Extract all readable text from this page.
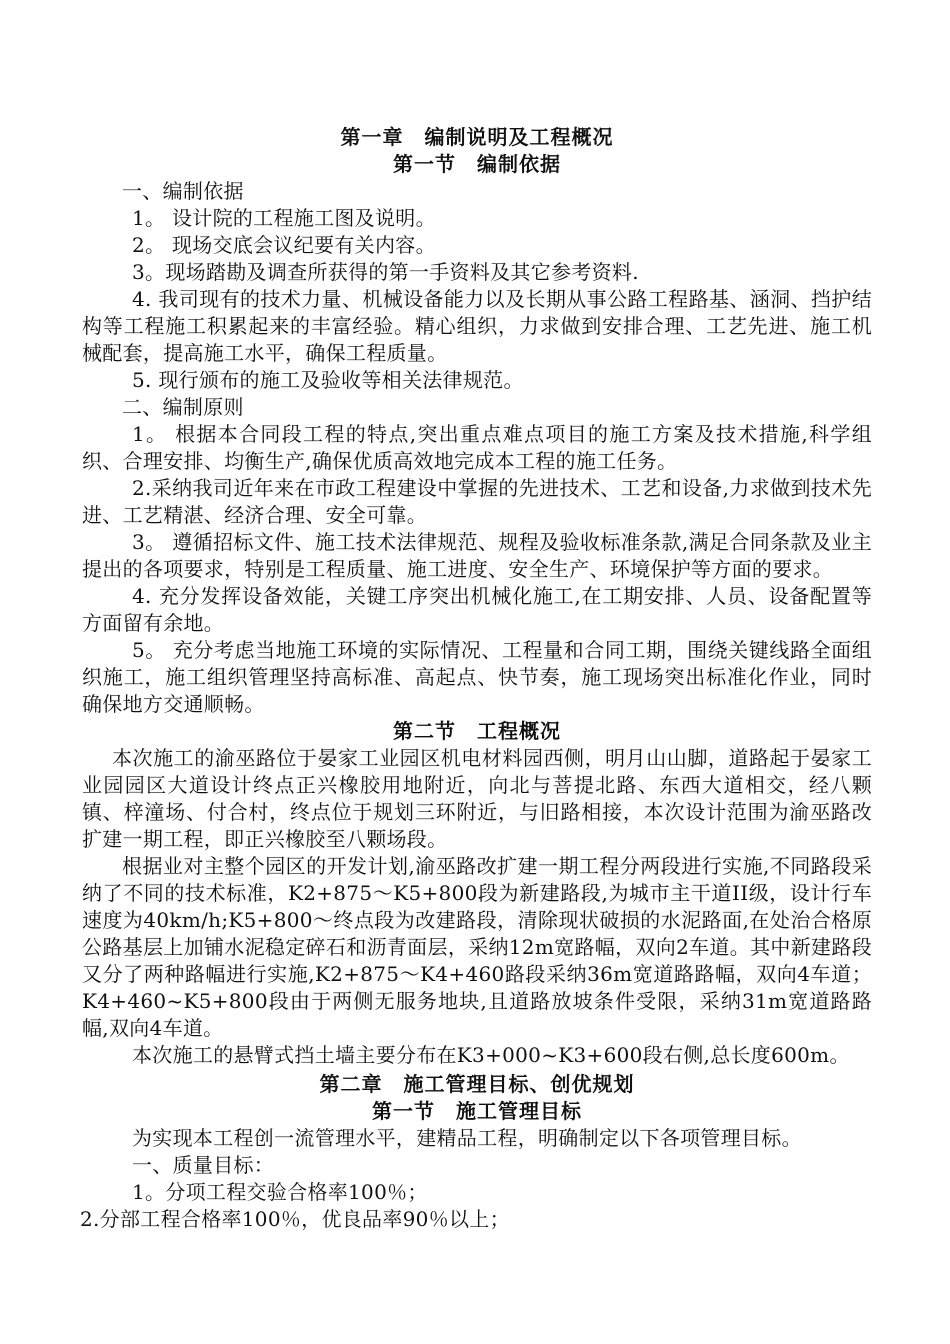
第一章　编制说明及工程概况
第一节　编制依据

一、编制依据

1。 设计院的工程施工图及说明。

2。 现场交底会议纪要有关内容。

3。现场踏勘及调查所获得的第一手资料及其它参考资料.

4. 我司现有的技术力量、机械设备能力以及长期从事公路工程路基、涵洞、挡护结构等工程施工积累起来的丰富经验。精心组织，力求做到安排合理、工艺先进、施工机械配套，提高施工水平，确保工程质量。

5. 现行颁布的施工及验收等相关法律规范。

二、编制原则

1。 根据本合同段工程的特点,突出重点难点项目的施工方案及技术措施,科学组织、合理安排、均衡生产,确保优质高效地完成本工程的施工任务。

2.采纳我司近年来在市政工程建设中掌握的先进技术、工艺和设备,力求做到技术先进、工艺精湛、经济合理、安全可靠。

3。 遵循招标文件、施工技术法律规范、规程及验收标准条款,满足合同条款及业主提出的各项要求，特别是工程质量、施工进度、安全生产、环境保护等方面的要求。

4. 充分发挥设备效能，关键工序突出机械化施工,在工期安排、人员、设备配置等方面留有余地。

5。 充分考虑当地施工环境的实际情况、工程量和合同工期，围绕关键线路全面组织施工，施工组织管理坚持高标准、高起点、快节奏，施工现场突出标准化作业，同时确保地方交通顺畅。

第二节　工程概况

本次施工的渝巫路位于晏家工业园区机电材料园西侧，明月山山脚，道路起于晏家工业园园区大道设计终点正兴橡胶用地附近，向北与菩提北路、东西大道相交，经八颗镇、梓潼场、付合村，终点位于规划三环附近，与旧路相接，本次设计范围为渝巫路改扩建一期工程，即正兴橡胶至八颗场段。

根据业对主整个园区的开发计划,渝巫路改扩建一期工程分两段进行实施,不同路段采纳了不同的技术标准，K2+875～K5+800段为新建路段,为城市主干道II级，设计行车速度为40km/h;K5+800～终点段为改建路段，清除现状破损的水泥路面,在处治合格原公路基层上加铺水泥稳定碎石和沥青面层，采纳12m宽路幅，双向2车道。其中新建路段又分了两种路幅进行实施,K2+875～K4+460路段采纳36m宽道路路幅，双向4车道；K4+460~K5+800段由于两侧无服务地块,且道路放坡条件受限，采纳31m宽道路路幅,双向4车道。

本次施工的悬臂式挡土墙主要分布在K3+000~K3+600段右侧,总长度600m。

第二章　施工管理目标、创优规划
第一节　施工管理目标

为实现本工程创一流管理水平，建精品工程，明确制定以下各项管理目标。

一、质量目标：

1。分项工程交验合格率100％；

2.分部工程合格率100％，优良品率90％以上；
